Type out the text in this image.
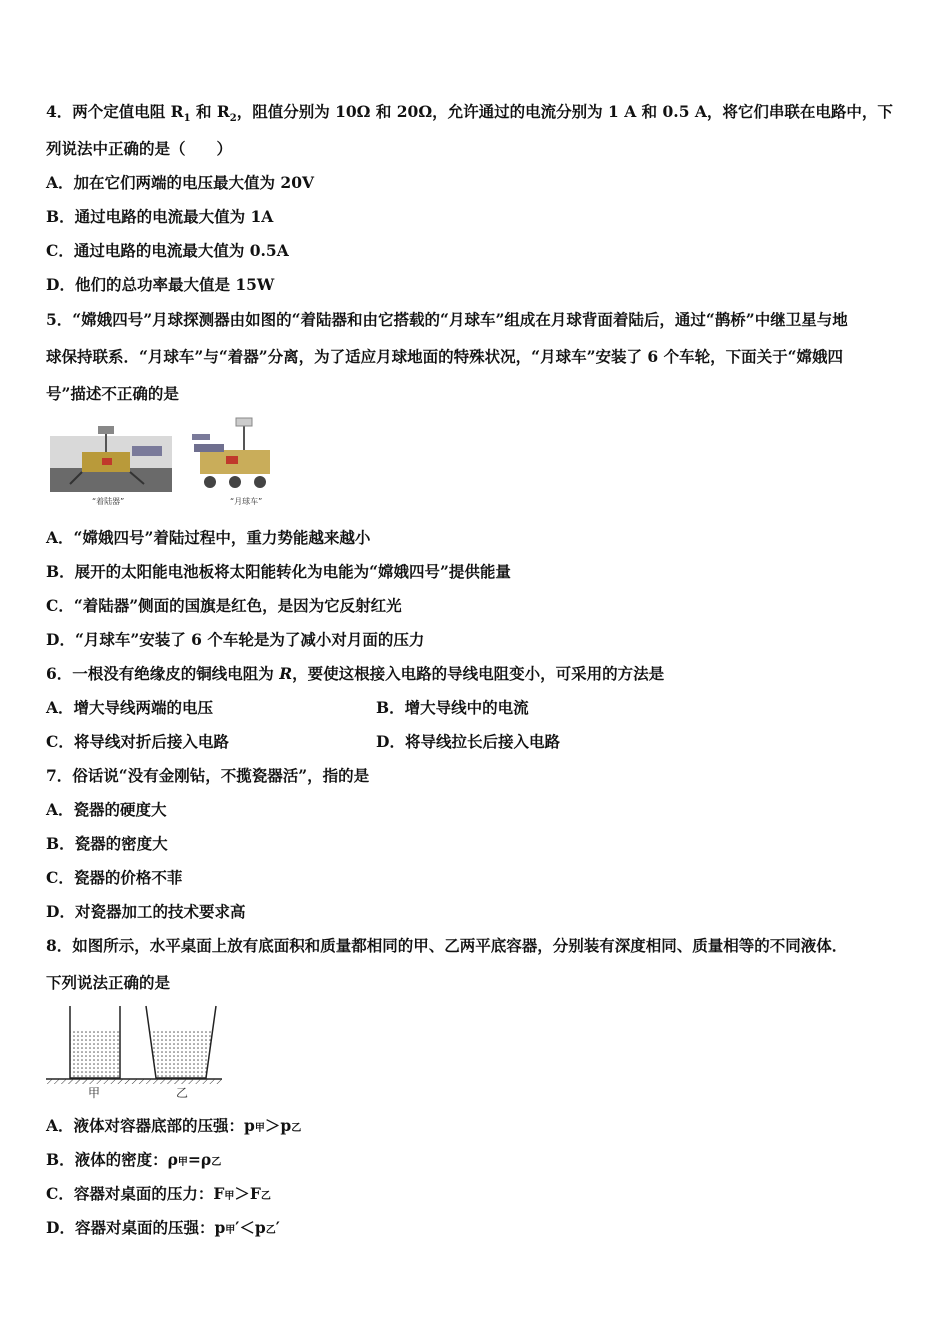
4．两个定值电阻 $R_1$ 和 $R_2$，阻值分别为 10Ω 和 20Ω，允许通过的电流分别为 1 A 和 0.5 A，将它们串联在电路中，下
列说法中正确的是（　　）
A．加在它们两端的电压最大值为 20V
B．通过电路的电流最大值为 1A
C．通过电路的电流最大值为 0.5A
D．他们的总功率最大值是 15W
5．“嫦娥四号”月球探测器由如图的“着陆器和由它搭载的“月球车”组成在月球背面着陆后，通过“鹊桥”中继卫星与地
球保持联系．“月球车”与“着器”分离，为了适应月球地面的特殊状况，“月球车”安装了 6 个车轮，下面关于“嫦娥四
号”描述不正确的是
“着陆器”	“月球车”
A．“嫦娥四号”着陆过程中，重力势能越来越小
B．展开的太阳能电池板将太阳能转化为电能为“嫦娥四号”提供能量
C．“着陆器”侧面的国旗是红色，是因为它反射红光
D．“月球车”安装了 6 个车轮是为了减小对月面的压力
6．一根没有绝缘皮的铜线电阻为 R，要使这根接入电路的导线电阻变小，可采用的方法是
A．增大导线两端的电压	B．增大导线中的电流
C．将导线对折后接入电路	D．将导线拉长后接入电路
7．俗话说“没有金刚钻，不揽瓷器活”，指的是
A．瓷器的硬度大
B．瓷器的密度大
C．瓷器的价格不菲
D．对瓷器加工的技术要求高
8．如图所示，水平桌面上放有底面积和质量都相同的甲、乙两平底容器，分别装有深度相同、质量相等的不同液体．
下列说法正确的是
甲	乙
A．液体对容器底部的压强：p甲＞p乙
B．液体的密度：ρ甲=ρ乙
C．容器对桌面的压力：F甲＞F乙
D．容器对桌面的压强：p甲′＜p乙′
